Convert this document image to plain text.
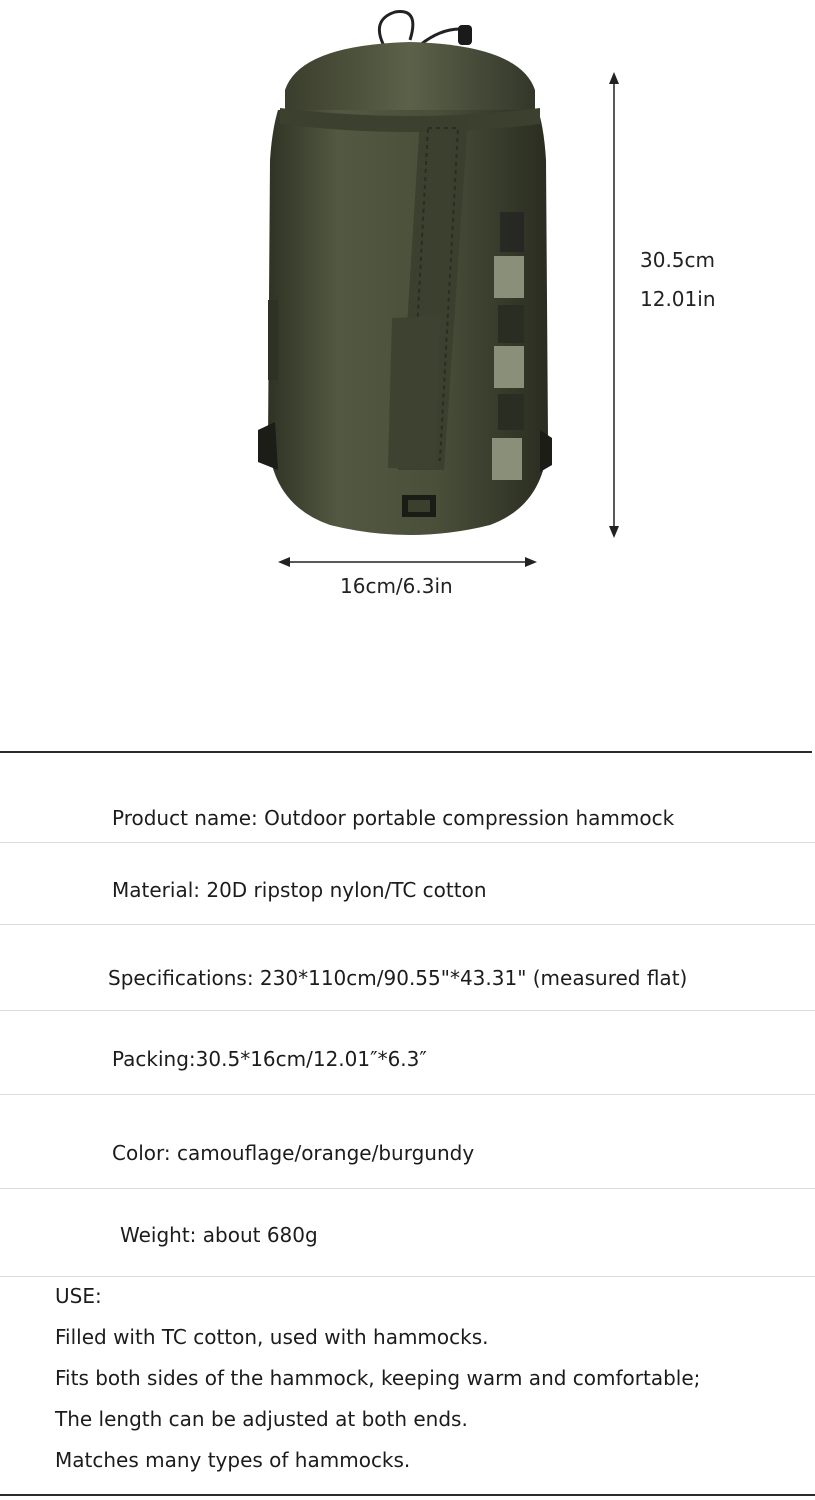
30.5cm
12.01in
16cm/6.3in
Product name: Outdoor portable compression hammock
Material: 20D ripstop nylon/TC cotton
Specifications: 230*110cm/90.55"*43.31" (measured flat)
Packing:30.5*16cm/12.01″*6.3″
Color: camouflage/orange/burgundy
Weight: about 680g
USE:
Filled with TC cotton, used with hammocks.
Fits both sides of the hammock, keeping warm and comfortable;
The length can be adjusted at both ends.
Matches many types of hammocks.
